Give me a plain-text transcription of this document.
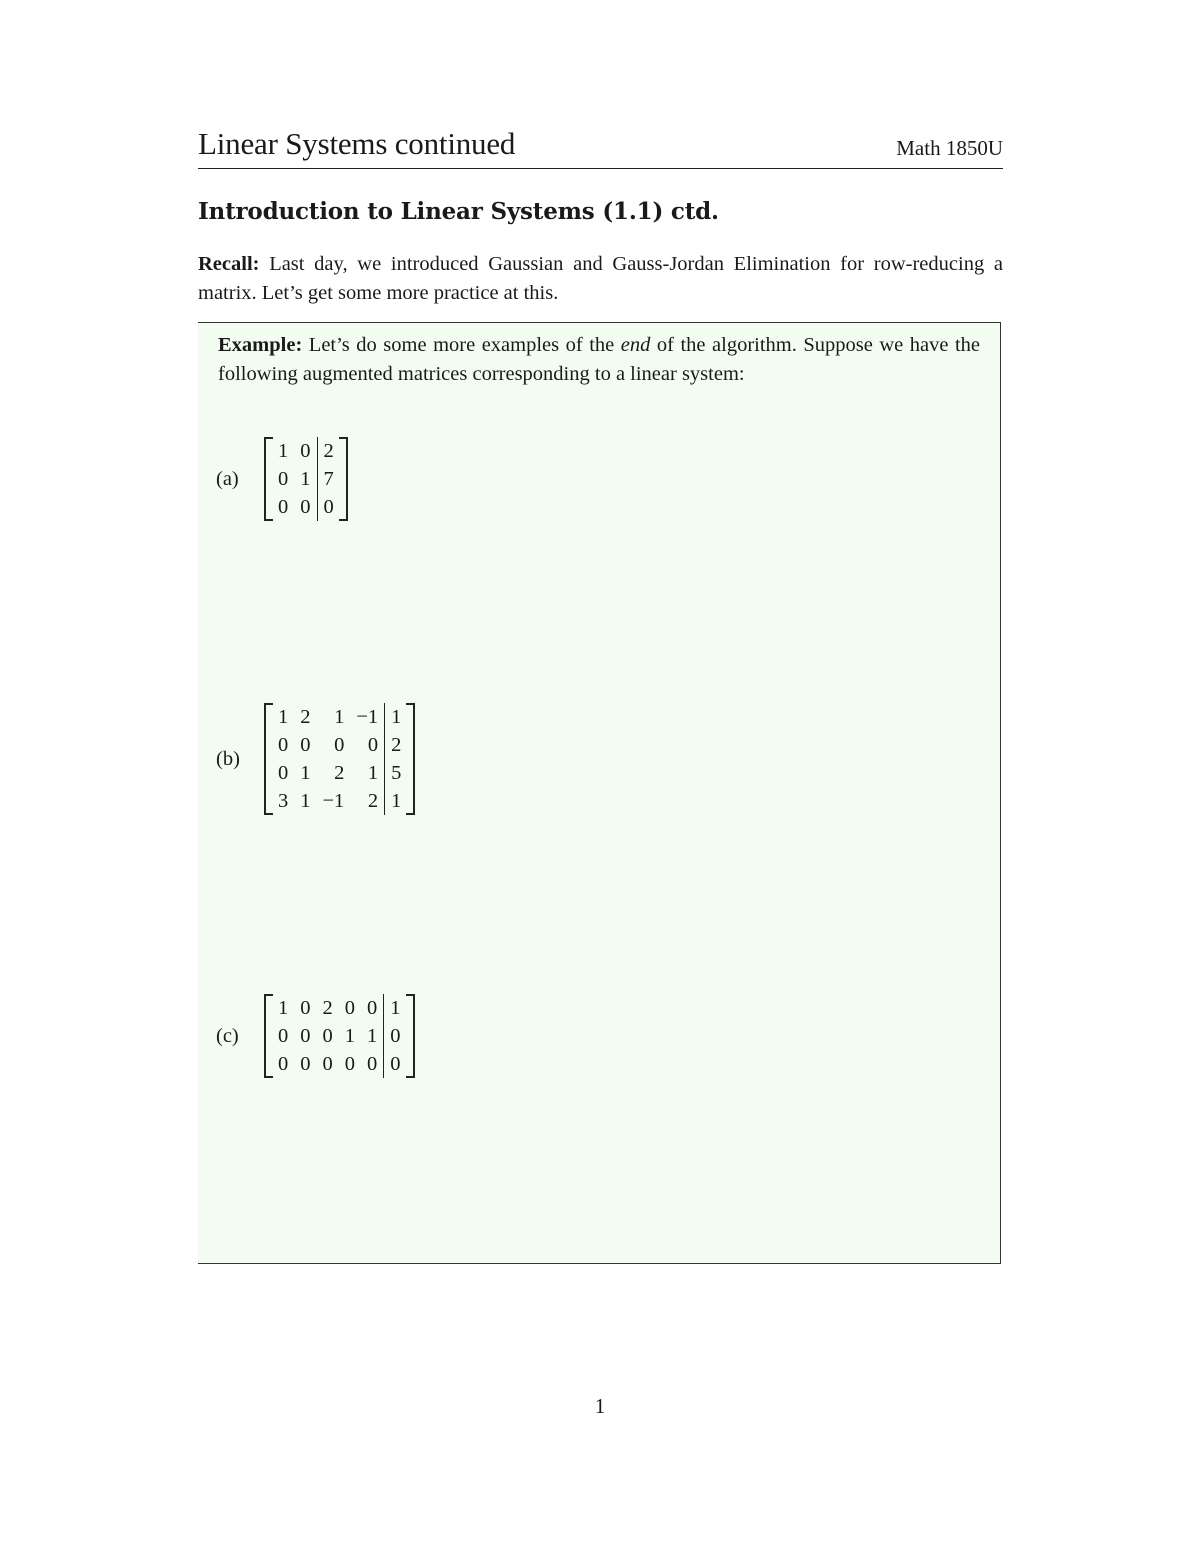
Linear Systems continued	Math 1850U
Introduction to Linear Systems (1.1) ctd.

Recall: Last day, we introduced Gaussian and Gauss-Jordan Elimination for row-reducing a matrix. Let’s get some more practice at this.

Example: Let’s do some more examples of the end of the algorithm. Suppose we have the following augmented matrices corresponding to a linear system:

(a)
1	0	2
0	1	7
0	0	0
(b)
1	2	1	−1	1
0	0	0	0	2
0	1	2	1	5
3	1	−1	2	1
(c)
1	0	2	0	0	1
0	0	0	1	1	0
0	0	0	0	0	0
1
